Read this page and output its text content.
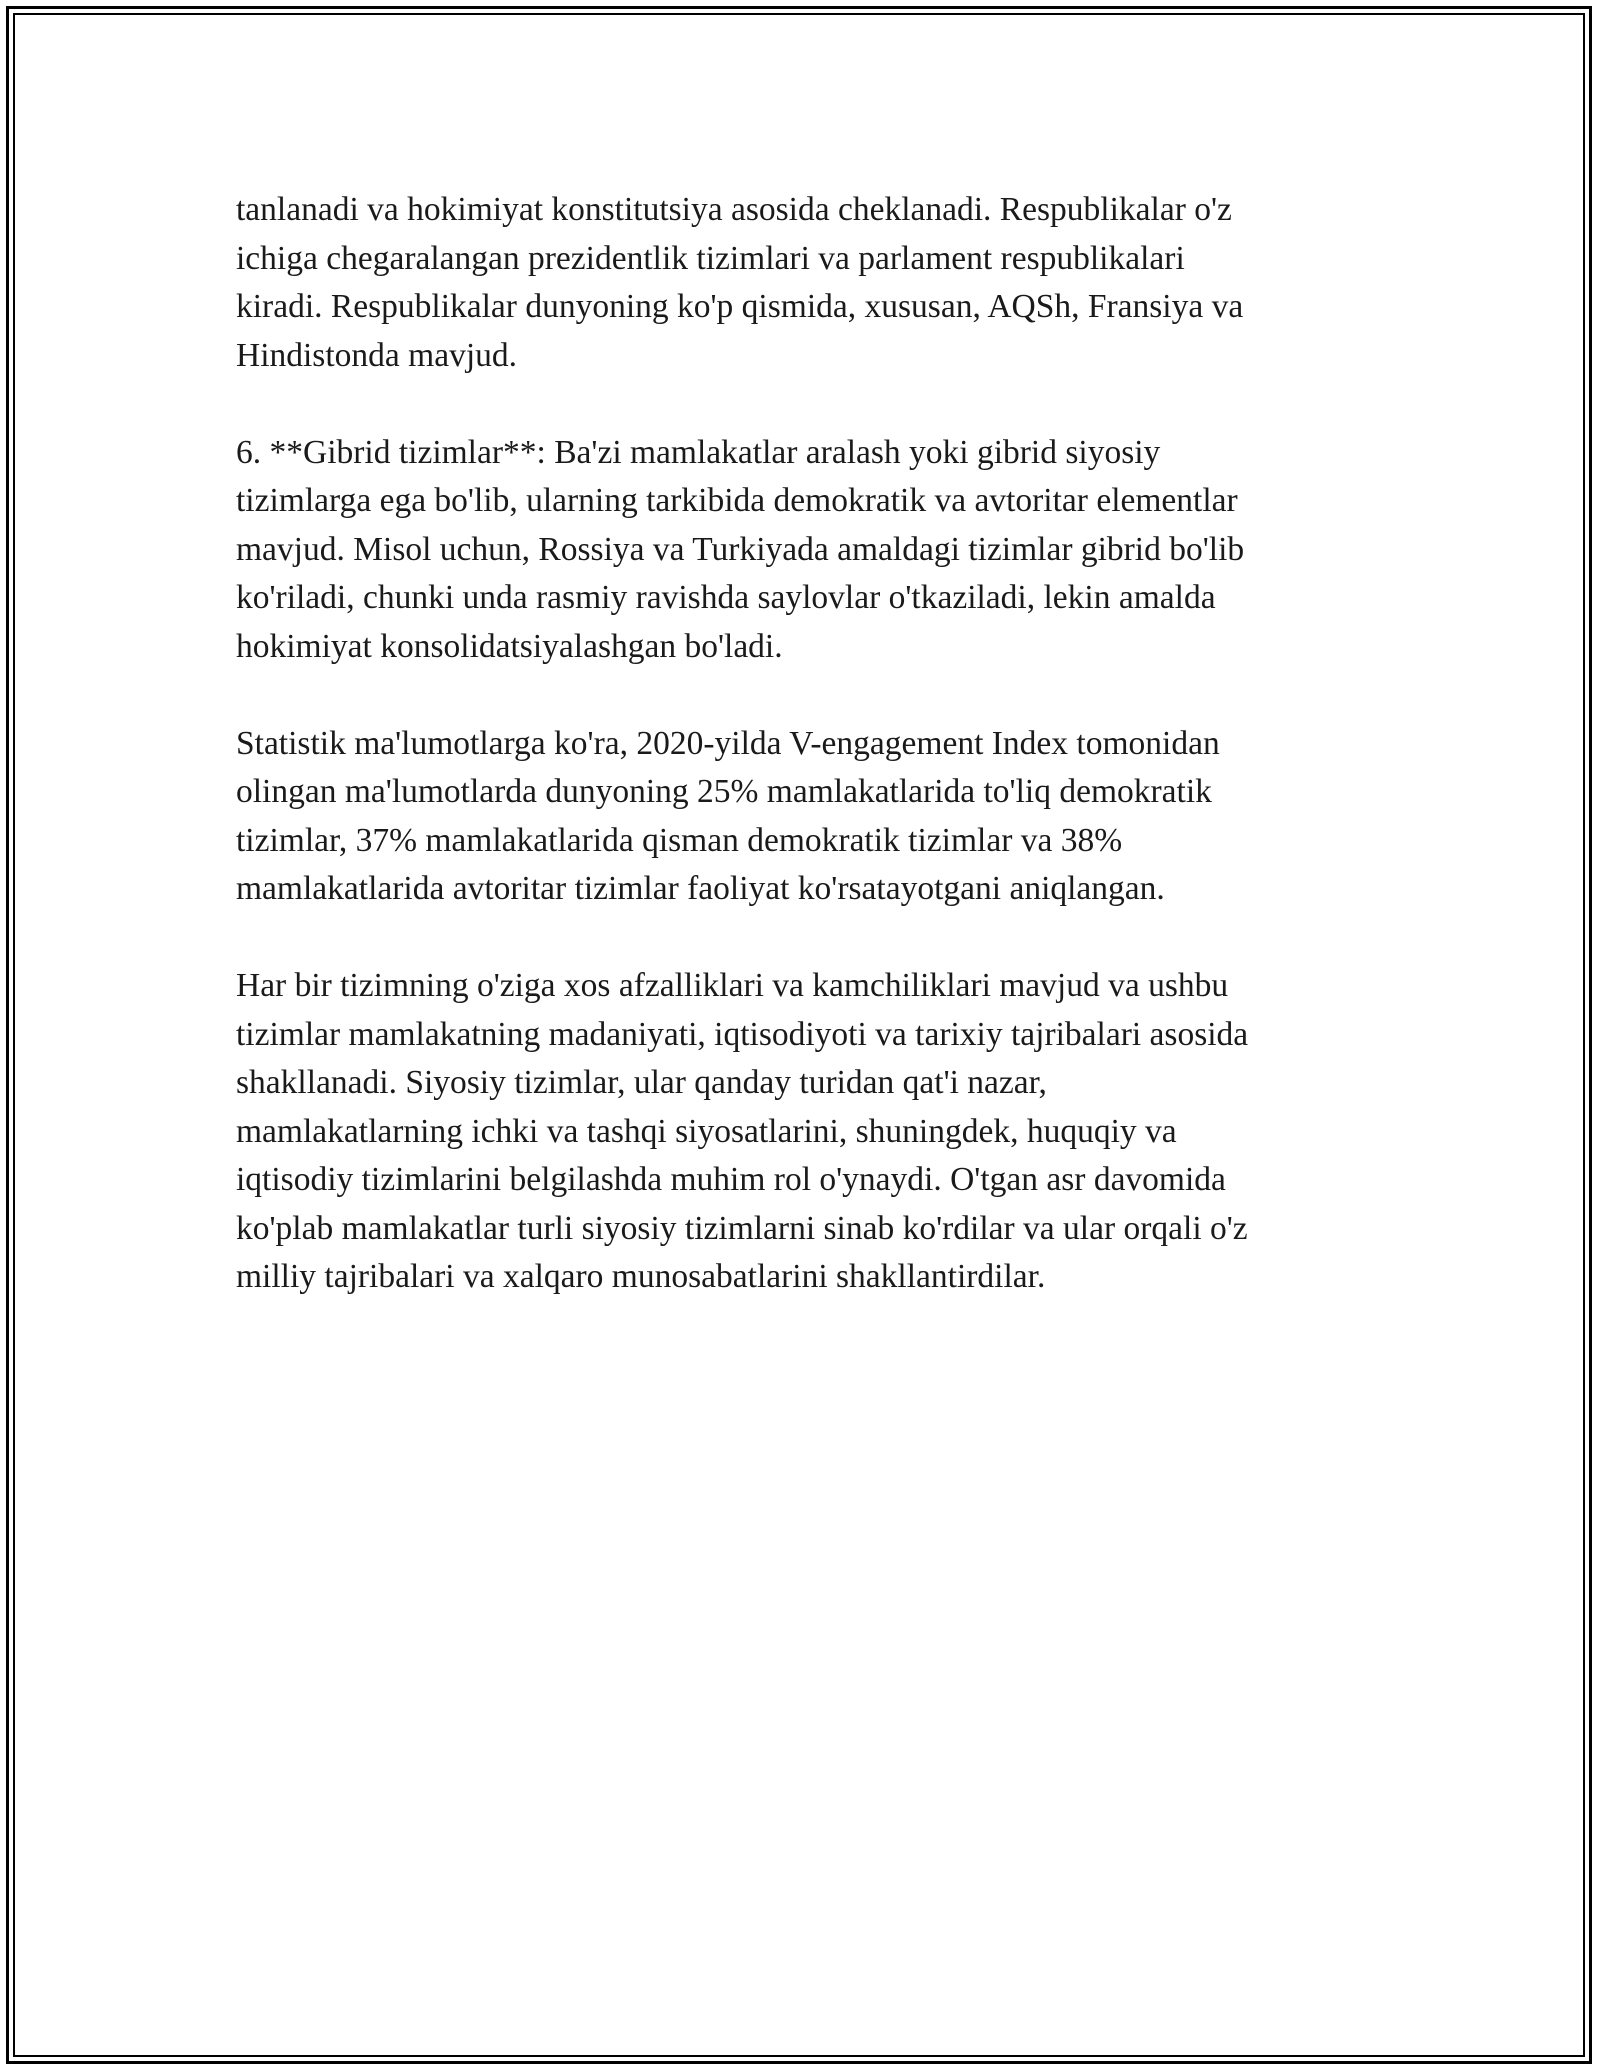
tanlanadi va hokimiyat konstitutsiya asosida cheklanadi. Respublikalar o'z
ichiga chegaralangan prezidentlik tizimlari va parlament respublikalari
kiradi. Respublikalar dunyoning ko'p qismida, xususan, AQSh, Fransiya va
Hindistonda mavjud.

6. **Gibrid tizimlar**: Ba'zi mamlakatlar aralash yoki gibrid siyosiy
tizimlarga ega bo'lib, ularning tarkibida demokratik va avtoritar elementlar
mavjud. Misol uchun, Rossiya va Turkiyada amaldagi tizimlar gibrid bo'lib
ko'riladi, chunki unda rasmiy ravishda saylovlar o'tkaziladi, lekin amalda
hokimiyat konsolidatsiyalashgan bo'ladi.

Statistik ma'lumotlarga ko'ra, 2020-yilda V-engagement Index tomonidan
olingan ma'lumotlarda dunyoning 25% mamlakatlarida to'liq demokratik
tizimlar, 37% mamlakatlarida qisman demokratik tizimlar va 38%
mamlakatlarida avtoritar tizimlar faoliyat ko'rsatayotgani aniqlangan.

Har bir tizimning o'ziga xos afzalliklari va kamchiliklari mavjud va ushbu
tizimlar mamlakatning madaniyati, iqtisodiyoti va tarixiy tajribalari asosida
shakllanadi. Siyosiy tizimlar, ular qanday turidan qat'i nazar,
mamlakatlarning ichki va tashqi siyosatlarini, shuningdek, huquqiy va
iqtisodiy tizimlarini belgilashda muhim rol o'ynaydi. O'tgan asr davomida
ko'plab mamlakatlar turli siyosiy tizimlarni sinab ko'rdilar va ular orqali o'z
milliy tajribalari va xalqaro munosabatlarini shakllantirdilar.
